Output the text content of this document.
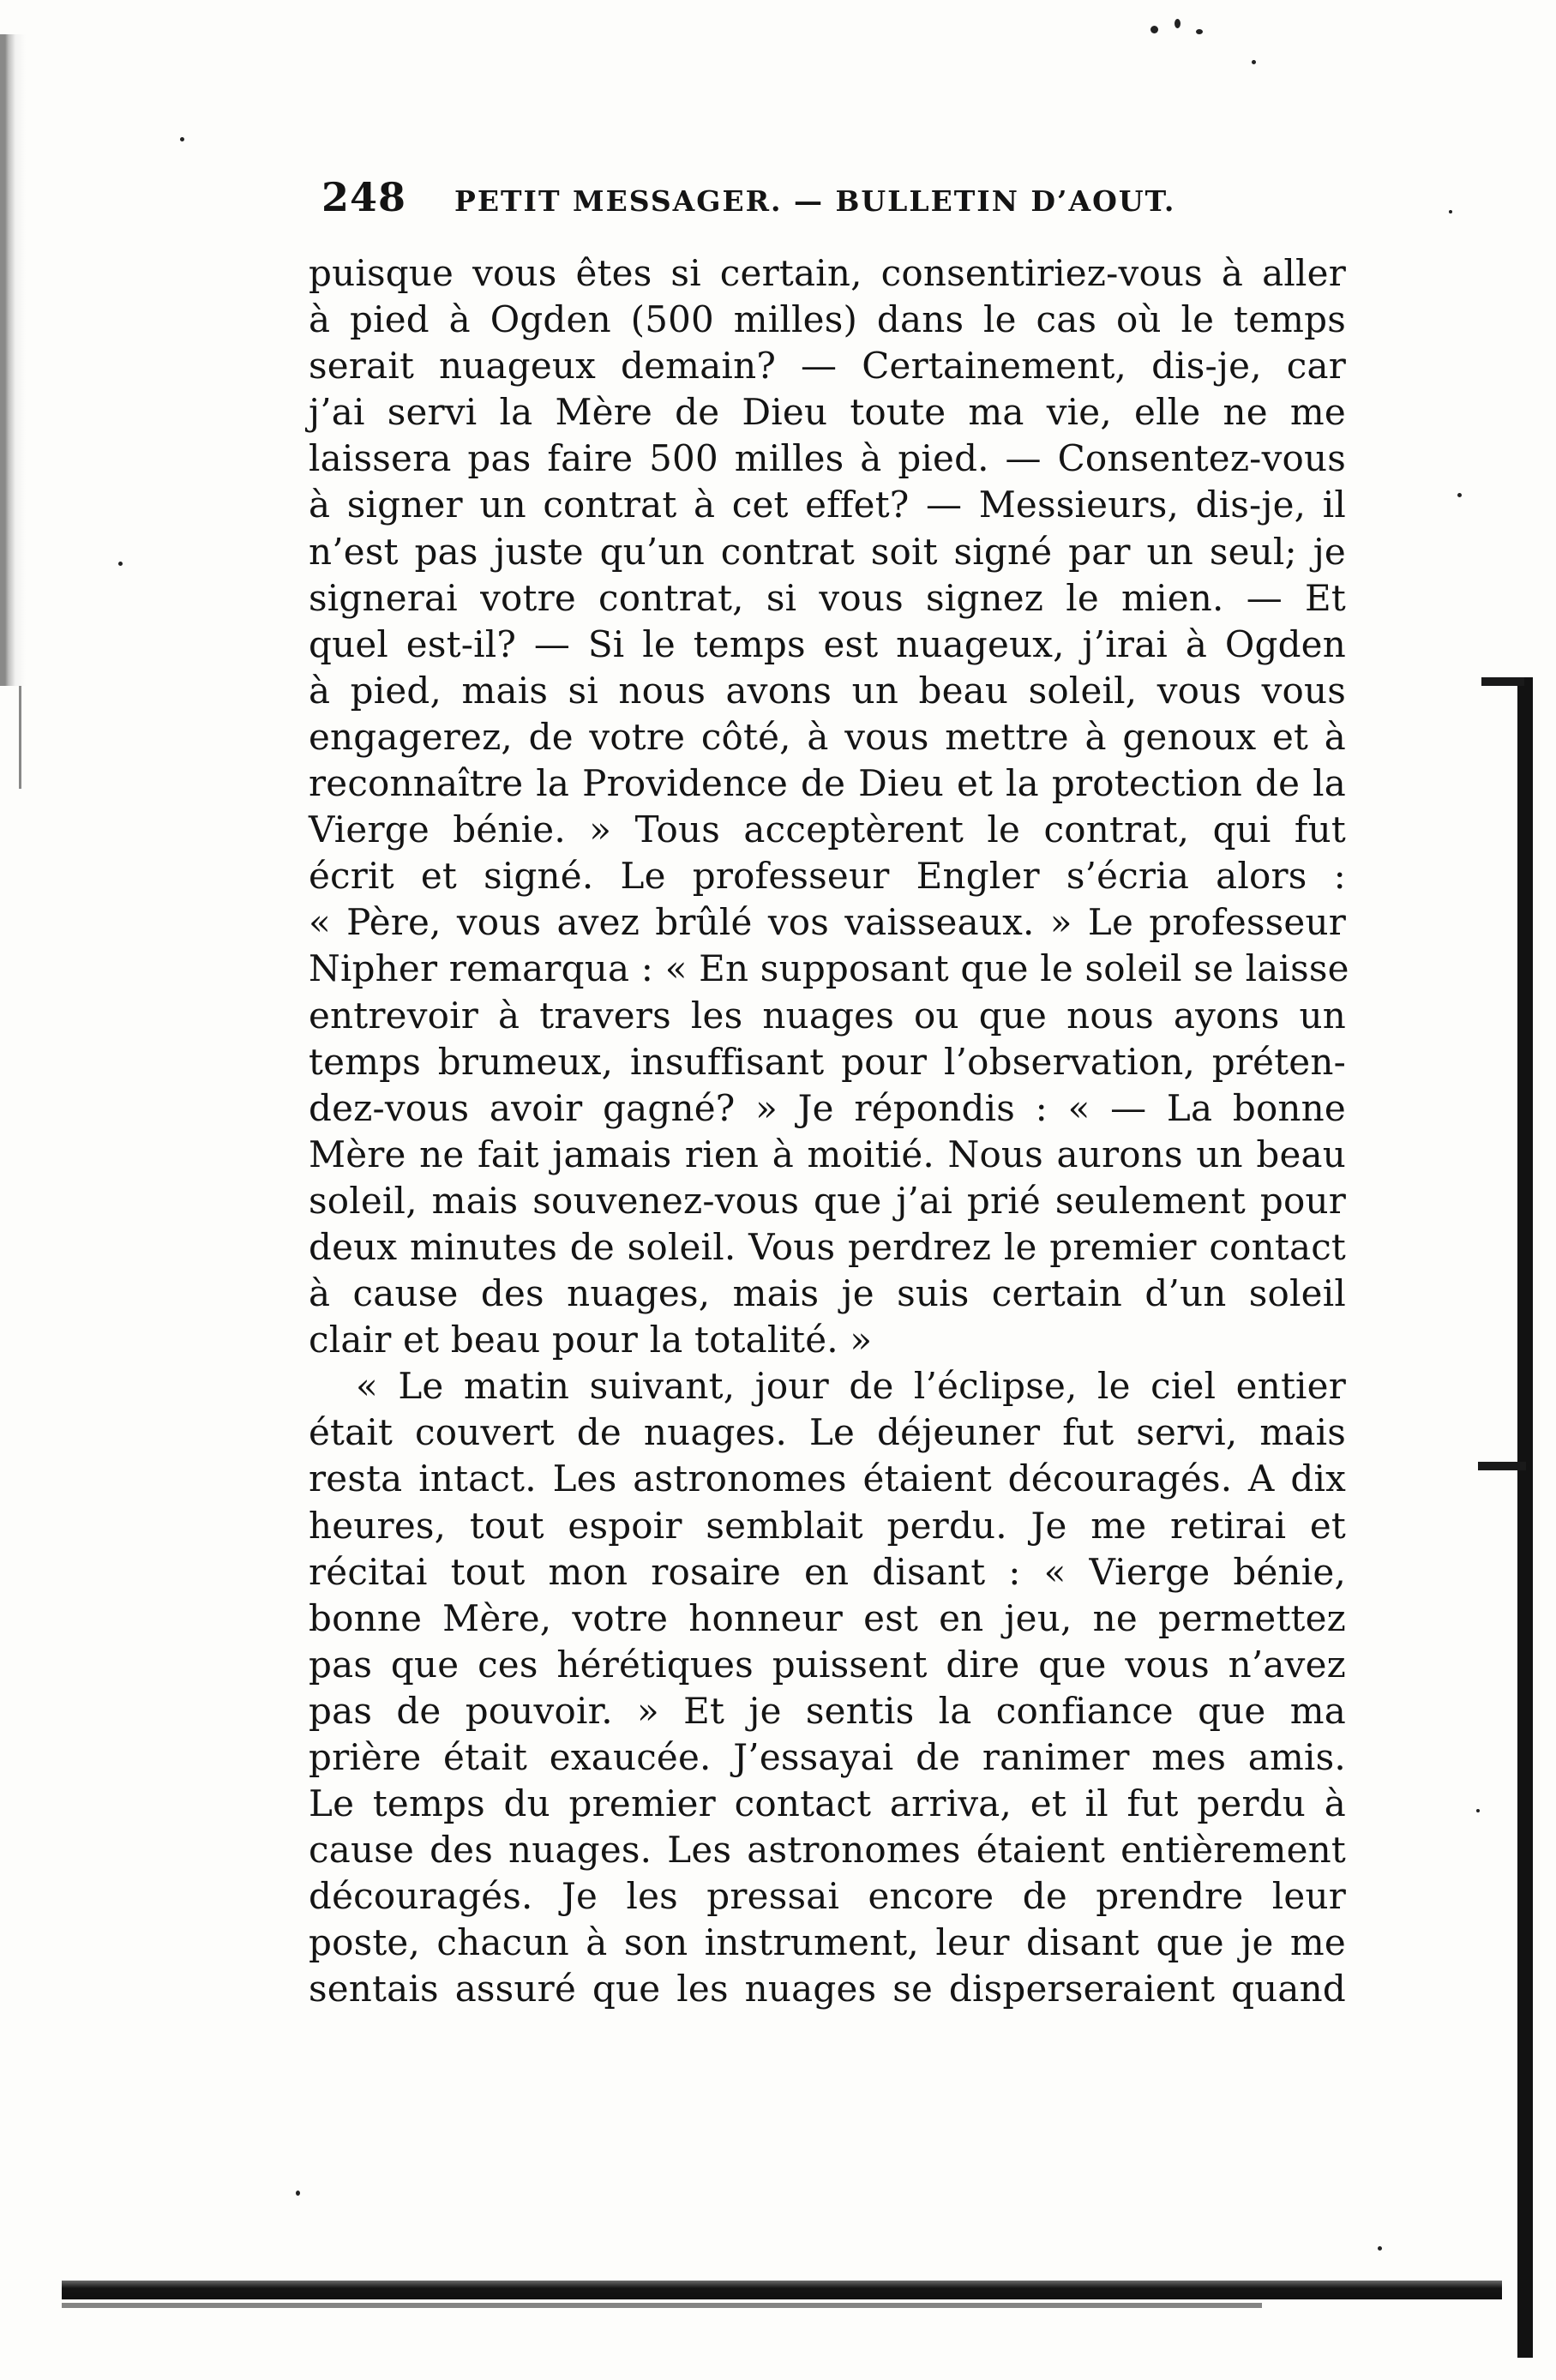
248 PETIT MESSAGER. — BULLETIN D’AOUT.
puisque vous êtes si certain, consentiriez-vous à aller
à pied à Ogden (500 milles) dans le cas où le temps
serait nuageux demain? — Certainement, dis-je, car
j’ai servi la Mère de Dieu toute ma vie, elle ne me
laissera pas faire 500 milles à pied. — Consentez-vous
à signer un contrat à cet effet? — Messieurs, dis-je, il
n’est pas juste qu’un contrat soit signé par un seul; je
signerai votre contrat, si vous signez le mien. — Et
quel est-il? — Si le temps est nuageux, j’irai à Ogden
à pied, mais si nous avons un beau soleil, vous vous
engagerez, de votre côté, à vous mettre à genoux et à
reconnaître la Providence de Dieu et la protection de la
Vierge bénie. » Tous acceptèrent le contrat, qui fut
écrit et signé. Le professeur Engler s’écria alors :
« Père, vous avez brûlé vos vaisseaux. » Le professeur
Nipher remarqua : « En supposant que le soleil se laisse
entrevoir à travers les nuages ou que nous ayons un
temps brumeux, insuffisant pour l’observation, préten-
dez-vous avoir gagné? » Je répondis : « — La bonne
Mère ne fait jamais rien à moitié. Nous aurons un beau
soleil, mais souvenez-vous que j’ai prié seulement pour
deux minutes de soleil. Vous perdrez le premier contact
à cause des nuages, mais je suis certain d’un soleil
clair et beau pour la totalité. »
« Le matin suivant, jour de l’éclipse, le ciel entier
était couvert de nuages. Le déjeuner fut servi, mais
resta intact. Les astronomes étaient découragés. A dix
heures, tout espoir semblait perdu. Je me retirai et
récitai tout mon rosaire en disant : « Vierge bénie,
bonne Mère, votre honneur est en jeu, ne permettez
pas que ces hérétiques puissent dire que vous n’avez
pas de pouvoir. » Et je sentis la confiance que ma
prière était exaucée. J’essayai de ranimer mes amis.
Le temps du premier contact arriva, et il fut perdu à
cause des nuages. Les astronomes étaient entièrement
découragés. Je les pressai encore de prendre leur
poste, chacun à son instrument, leur disant que je me
sentais assuré que les nuages se disperseraient quand
